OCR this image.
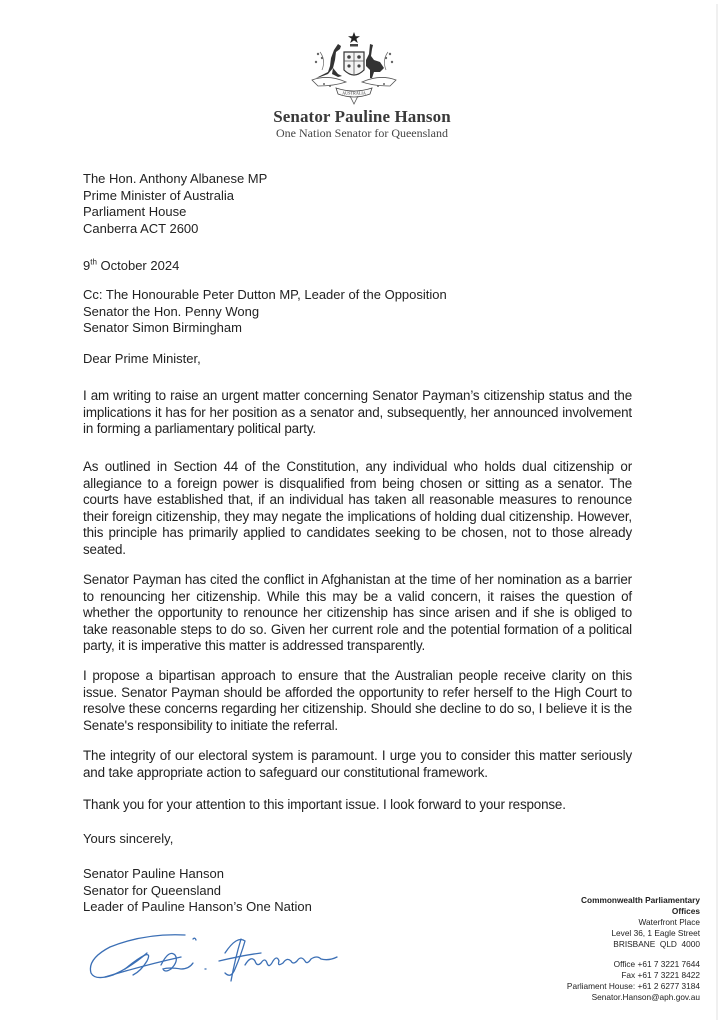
AUSTRALIA
Senator Pauline Hanson
One Nation Senator for Queensland
The Hon. Anthony Albanese MP
Prime Minister of Australia
Parliament House
Canberra ACT 2600
9th October 2024
Cc: The Honourable Peter Dutton MP, Leader of the Opposition
Senator the Hon. Penny Wong
Senator Simon Birmingham
Dear Prime Minister,

I am writing to raise an urgent matter concerning Senator Payman’s citizenship status and the implications it has for her position as a senator and, subsequently, her announced involvement in forming a parliamentary political party.

As outlined in Section 44 of the Constitution, any individual who holds dual citizenship or allegiance to a foreign power is disqualified from being chosen or sitting as a senator. The courts have established that, if an individual has taken all reasonable measures to renounce their foreign citizenship, they may negate the implications of holding dual citizenship. However, this principle has primarily applied to candidates seeking to be chosen, not to those already seated.

Senator Payman has cited the conflict in Afghanistan at the time of her nomination as a barrier to renouncing her citizenship. While this may be a valid concern, it raises the question of whether the opportunity to renounce her citizenship has since arisen and if she is obliged to take reasonable steps to do so. Given her current role and the potential formation of a political party, it is imperative this matter is addressed transparently.

I propose a bipartisan approach to ensure that the Australian people receive clarity on this issue. Senator Payman should be afforded the opportunity to refer herself to the High Court to resolve these concerns regarding her citizenship. Should she decline to do so, I believe it is the Senate's responsibility to initiate the referral.

The integrity of our electoral system is paramount. I urge you to consider this matter seriously and take appropriate action to safeguard our constitutional framework.

Thank you for your attention to this important issue. I look forward to your response.

Yours sincerely,
Senator Pauline Hanson
Senator for Queensland
Leader of Pauline Hanson’s One Nation	Commonwealth Parliamentary
Offices
Waterfront Place
Level 36, 1 Eagle Street
BRISBANE  QLD  4000
Office +61 7 3221 7644
Fax +61 7 3221 8422
Parliament House: +61 2 6277 3184
Senator.Hanson@aph.gov.au
